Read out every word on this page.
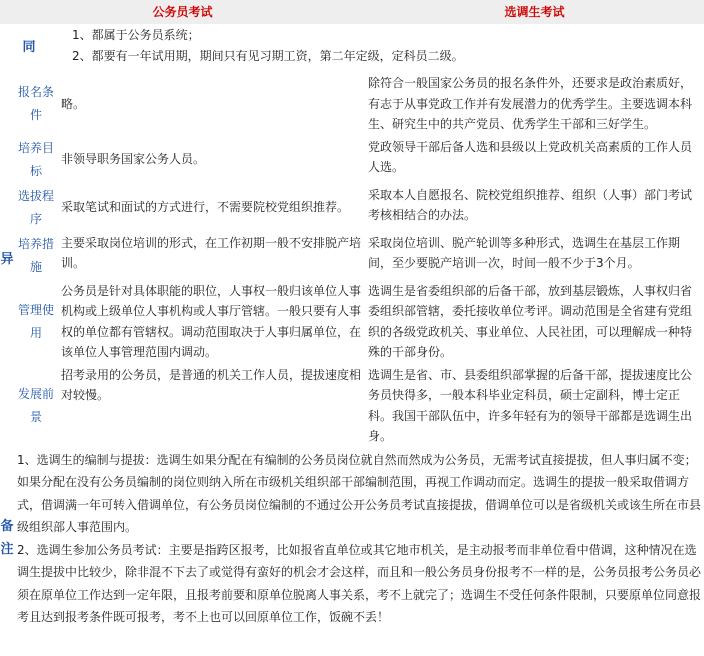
公务员考试			选调生考试
同		1、都属于公务员系统；
2、都要有一年试用期，期间只有见习期工资，第二年定级，定科员二级。	

异	报名条件	略。	除符合一般国家公务员的报名条件外，还要求是政治素质好，有志于从事党政工作并有发展潜力的优秀学生。主要选调本科生、研究生中的共产党员、优秀学生干部和三好学生。
	培养目标	非领导职务国家公务人员。	党政领导干部后备人选和县级以上党政机关高素质的工作人员人选。
	选拔程序	采取笔试和面试的方式进行，不需要院校党组织推荐。	采取本人自愿报名、院校党组织推荐、组织（人事）部门考试考核相结合的办法。
	培养措施	主要采取岗位培训的形式，在工作初期一般不安排脱产培训。	采取岗位培训、脱产轮训等多种形式，选调生在基层工作期间，至少要脱产培训一次，时间一般不少于3个月。
	管理使用	公务员是针对具体职能的职位，人事权一般归该单位人事机构或上级单位人事机构或人事厅管辖。一般只要有人事权的单位都有管辖权。调动范围取决于人事归属单位，在该单位人事管理范围内调动。	选调生是省委组织部的后备干部，放到基层锻炼，人事权归省委组织部管辖，委托接收单位考评。调动范围是全省建有党组织的各级党政机关、事业单位、人民社团，可以理解成一种特殊的干部身份。
	发展前景	招考录用的公务员，是普通的机关工作人员，提拔速度相对较慢。	选调生是省、市、县委组织部掌握的后备干部，提拔速度比公务员快得多，一般本科毕业定科员，硕士定副科，博士定正科。我国干部队伍中，许多年轻有为的领导干部都是选调生出身。
备注	1、选调生的编制与提拔：选调生如果分配在有编制的公务员岗位就自然而然成为公务员，无需考试直接提拔，但人事归属不变；如果分配在没有公务员编制的岗位则纳入所在市级机关组织部干部编制范围，再视工作调动而定。选调生的提拔一般采取借调方式，借调满一年可转入借调单位，有公务员岗位编制的不通过公开公务员考试直接提拔，借调单位可以是省级机关或该生所在市县级组织部人事范围内。
2、选调生参加公务员考试：主要是指跨区报考，比如报省直单位或其它地市机关，是主动报考而非单位看中借调，这种情况在选调生提拔中比较少，除非混不下去了或觉得有蛮好的机会才会这样，而且和一般公务员身份报考不一样的是，公务员报考公务员必须在原单位工作达到一定年限，且报考前要和原单位脱离人事关系，考不上就完了；选调生不受任何条件限制，只要原单位同意报考且达到报考条件既可报考，考不上也可以回原单位工作，饭碗不丢！		
